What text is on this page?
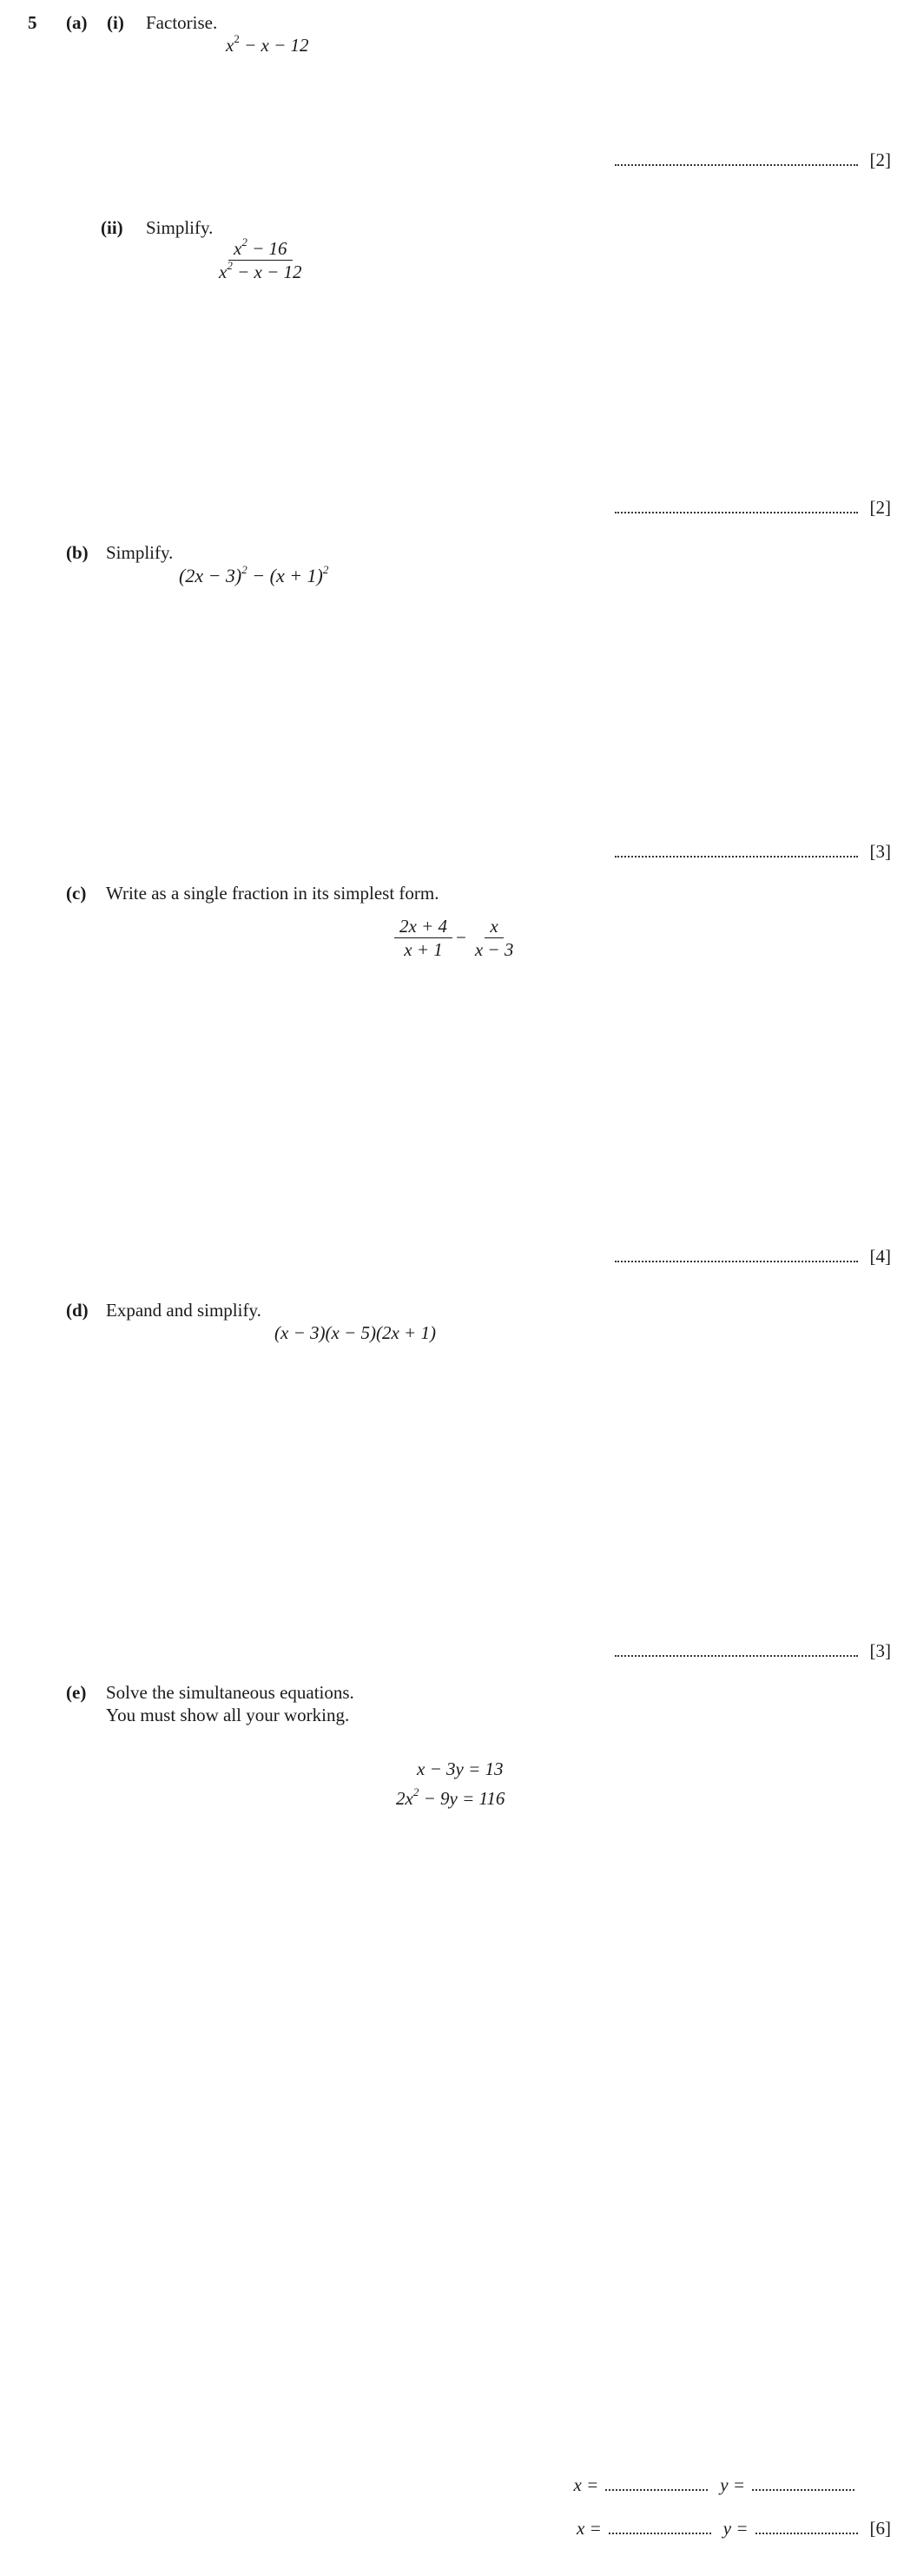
5 (a) (i) Factorise.
$x^2 - x - 12$
[2]
(ii) Simplify.
$\frac{x^2 - 16}{x^2 - x - 12}$
[2]
(b) Simplify.
$(2x - 3)^2 - (x + 1)^2$
[3]
(c) Write as a single fraction in its simplest form.
$\frac{2x + 4}{x + 1} - \frac{x}{x - 3}$
[4]
(d) Expand and simplify.
(x − 3)(x − 5)(2x + 1)
[3]
(e) Solve the simultaneous equations.
You must show all your working.
x − 3y = 13
$2x^2 - 9y = 116$
x =	y =
x =	y =	[6]
